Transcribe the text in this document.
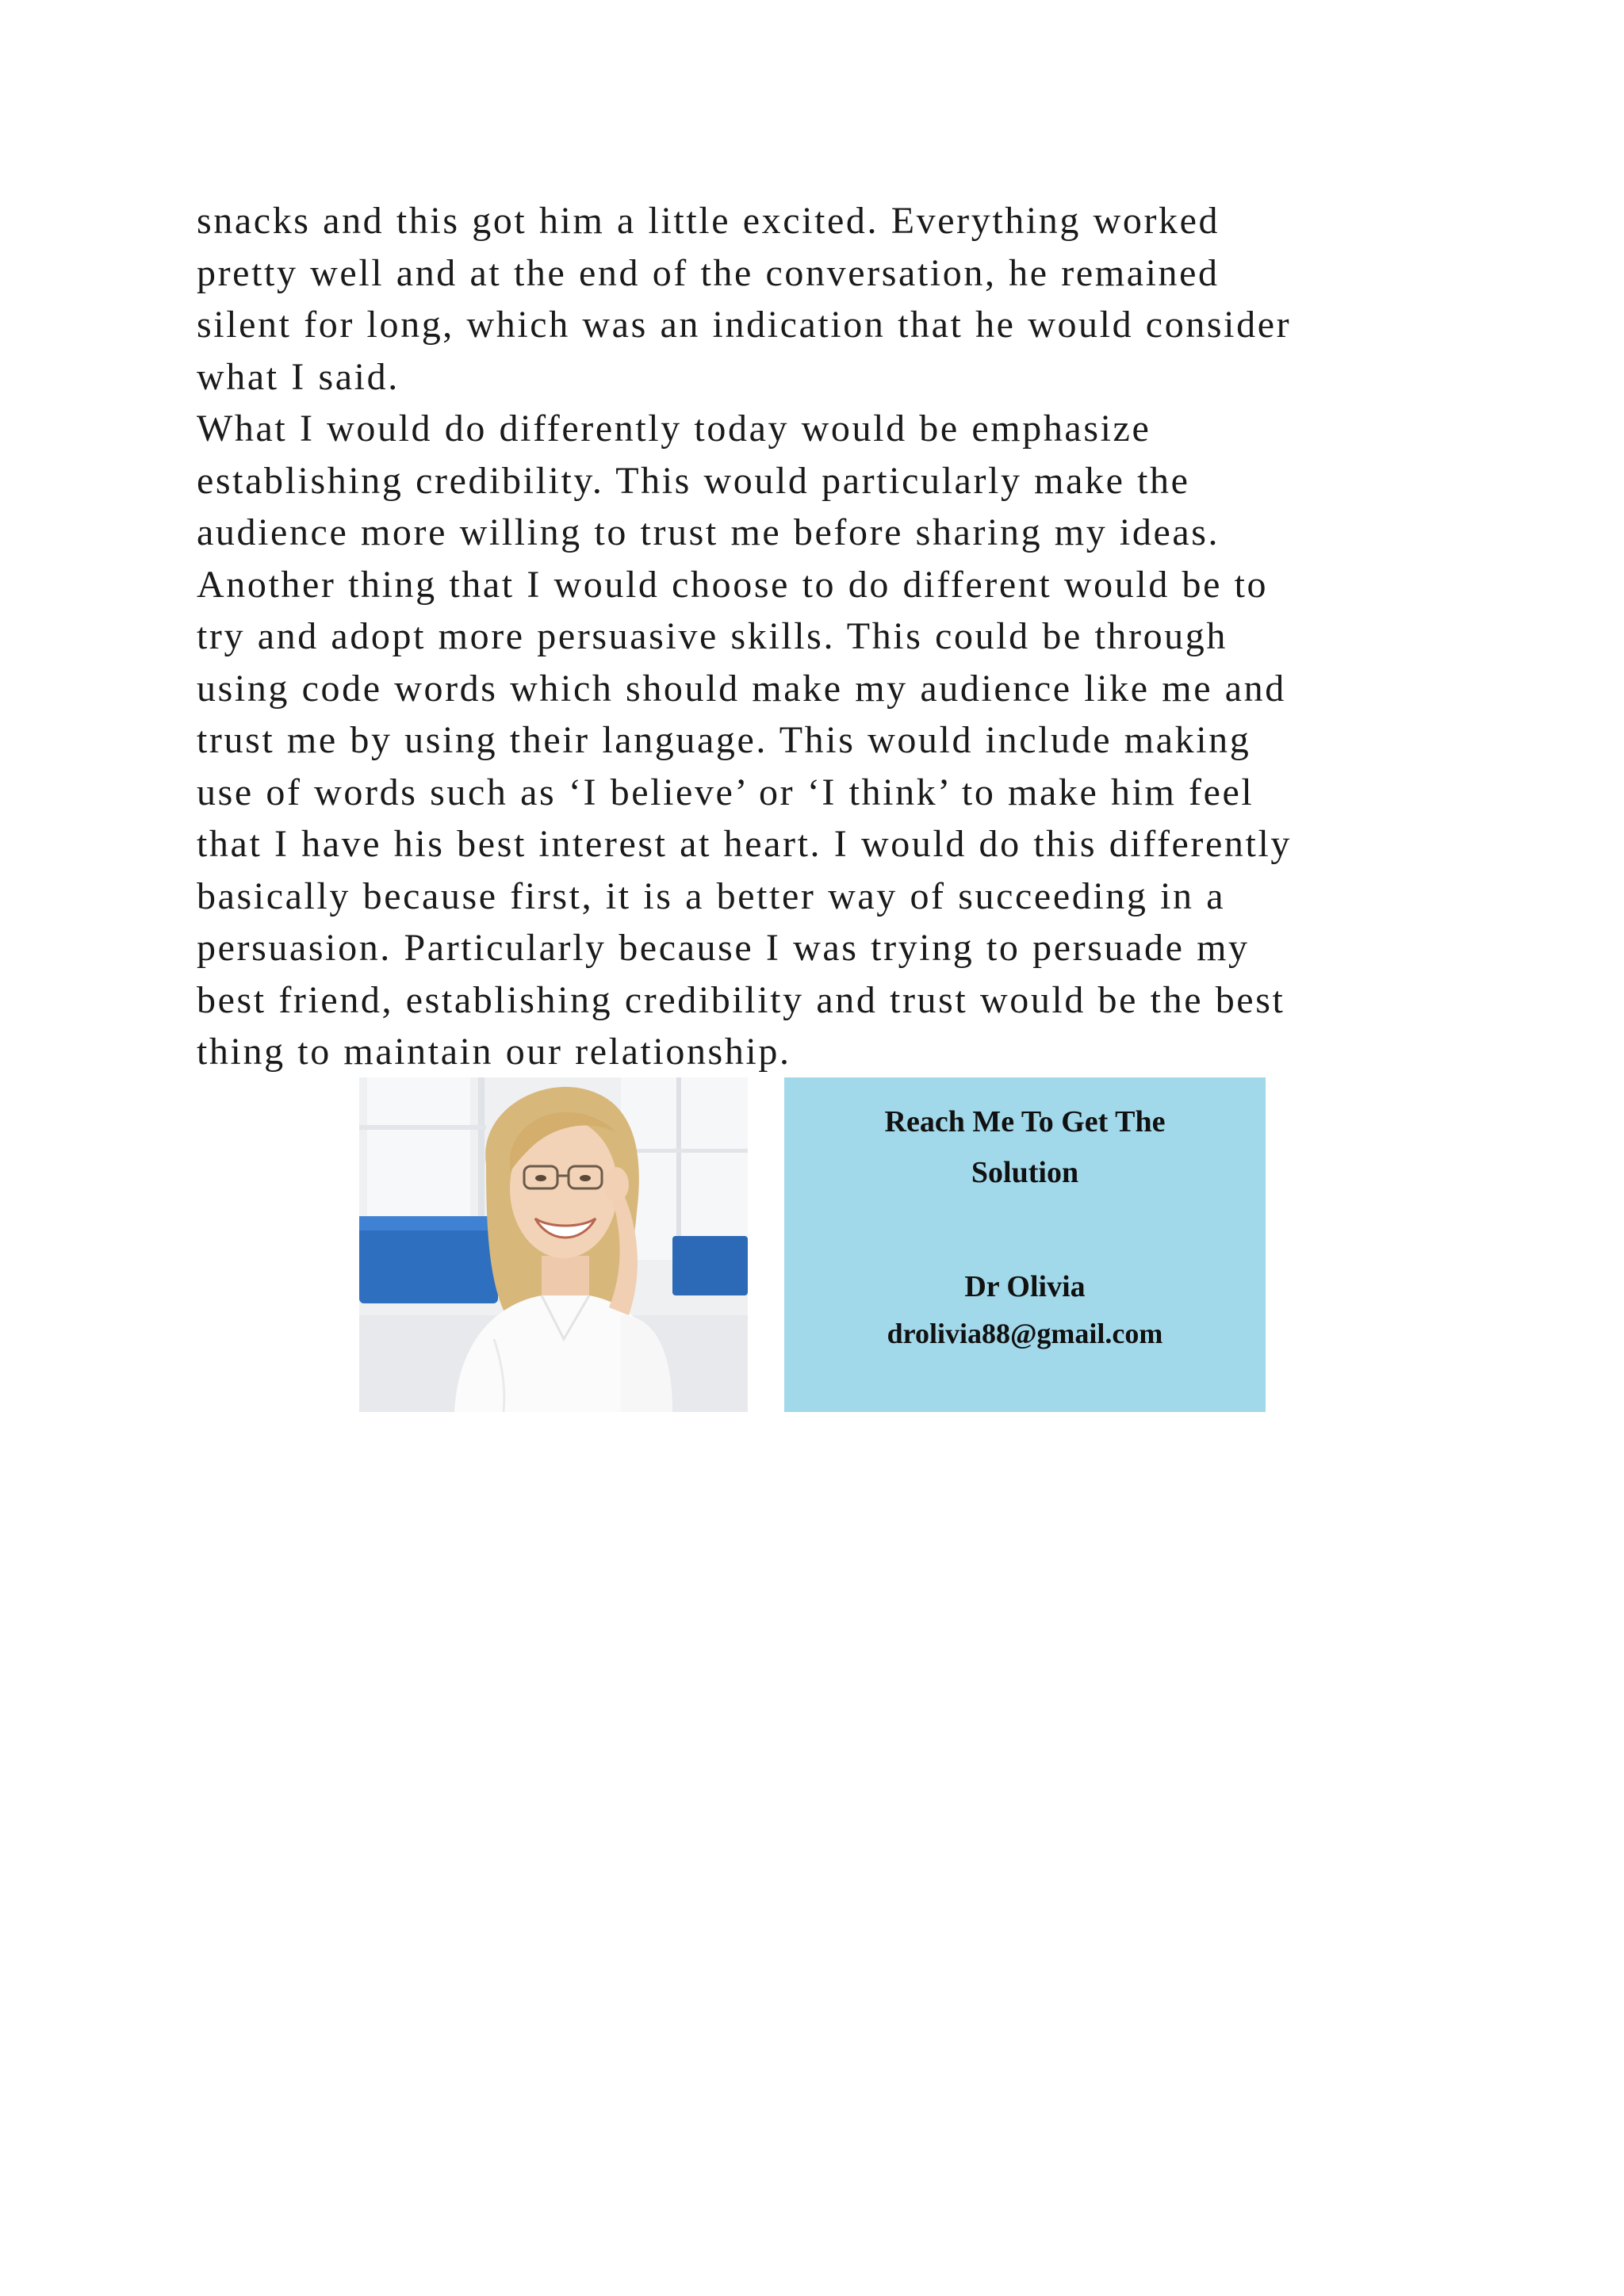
snacks and this got him a little excited. Everything worked
pretty well and at the end of the conversation, he remained
silent for long, which was an indication that he would consider
what I said.
What I would do differently today would be emphasize
establishing credibility. This would particularly make the
audience more willing to trust me before sharing my ideas.
Another thing that I would choose to do different would be to
try and adopt more persuasive skills. This could be through
using code words which should make my audience like me and
trust me by using their language. This would include making
use of words such as ‘I believe’ or ‘I think’ to make him feel
that I have his best interest at heart. I would do this differently
basically because first, it is a better way of succeeding in a
persuasion. Particularly because I was trying to persuade my
best friend, establishing credibility and trust would be the best
thing to maintain our relationship.
Reach Me To Get The
Solution
Dr Olivia
drolivia88@gmail.com
